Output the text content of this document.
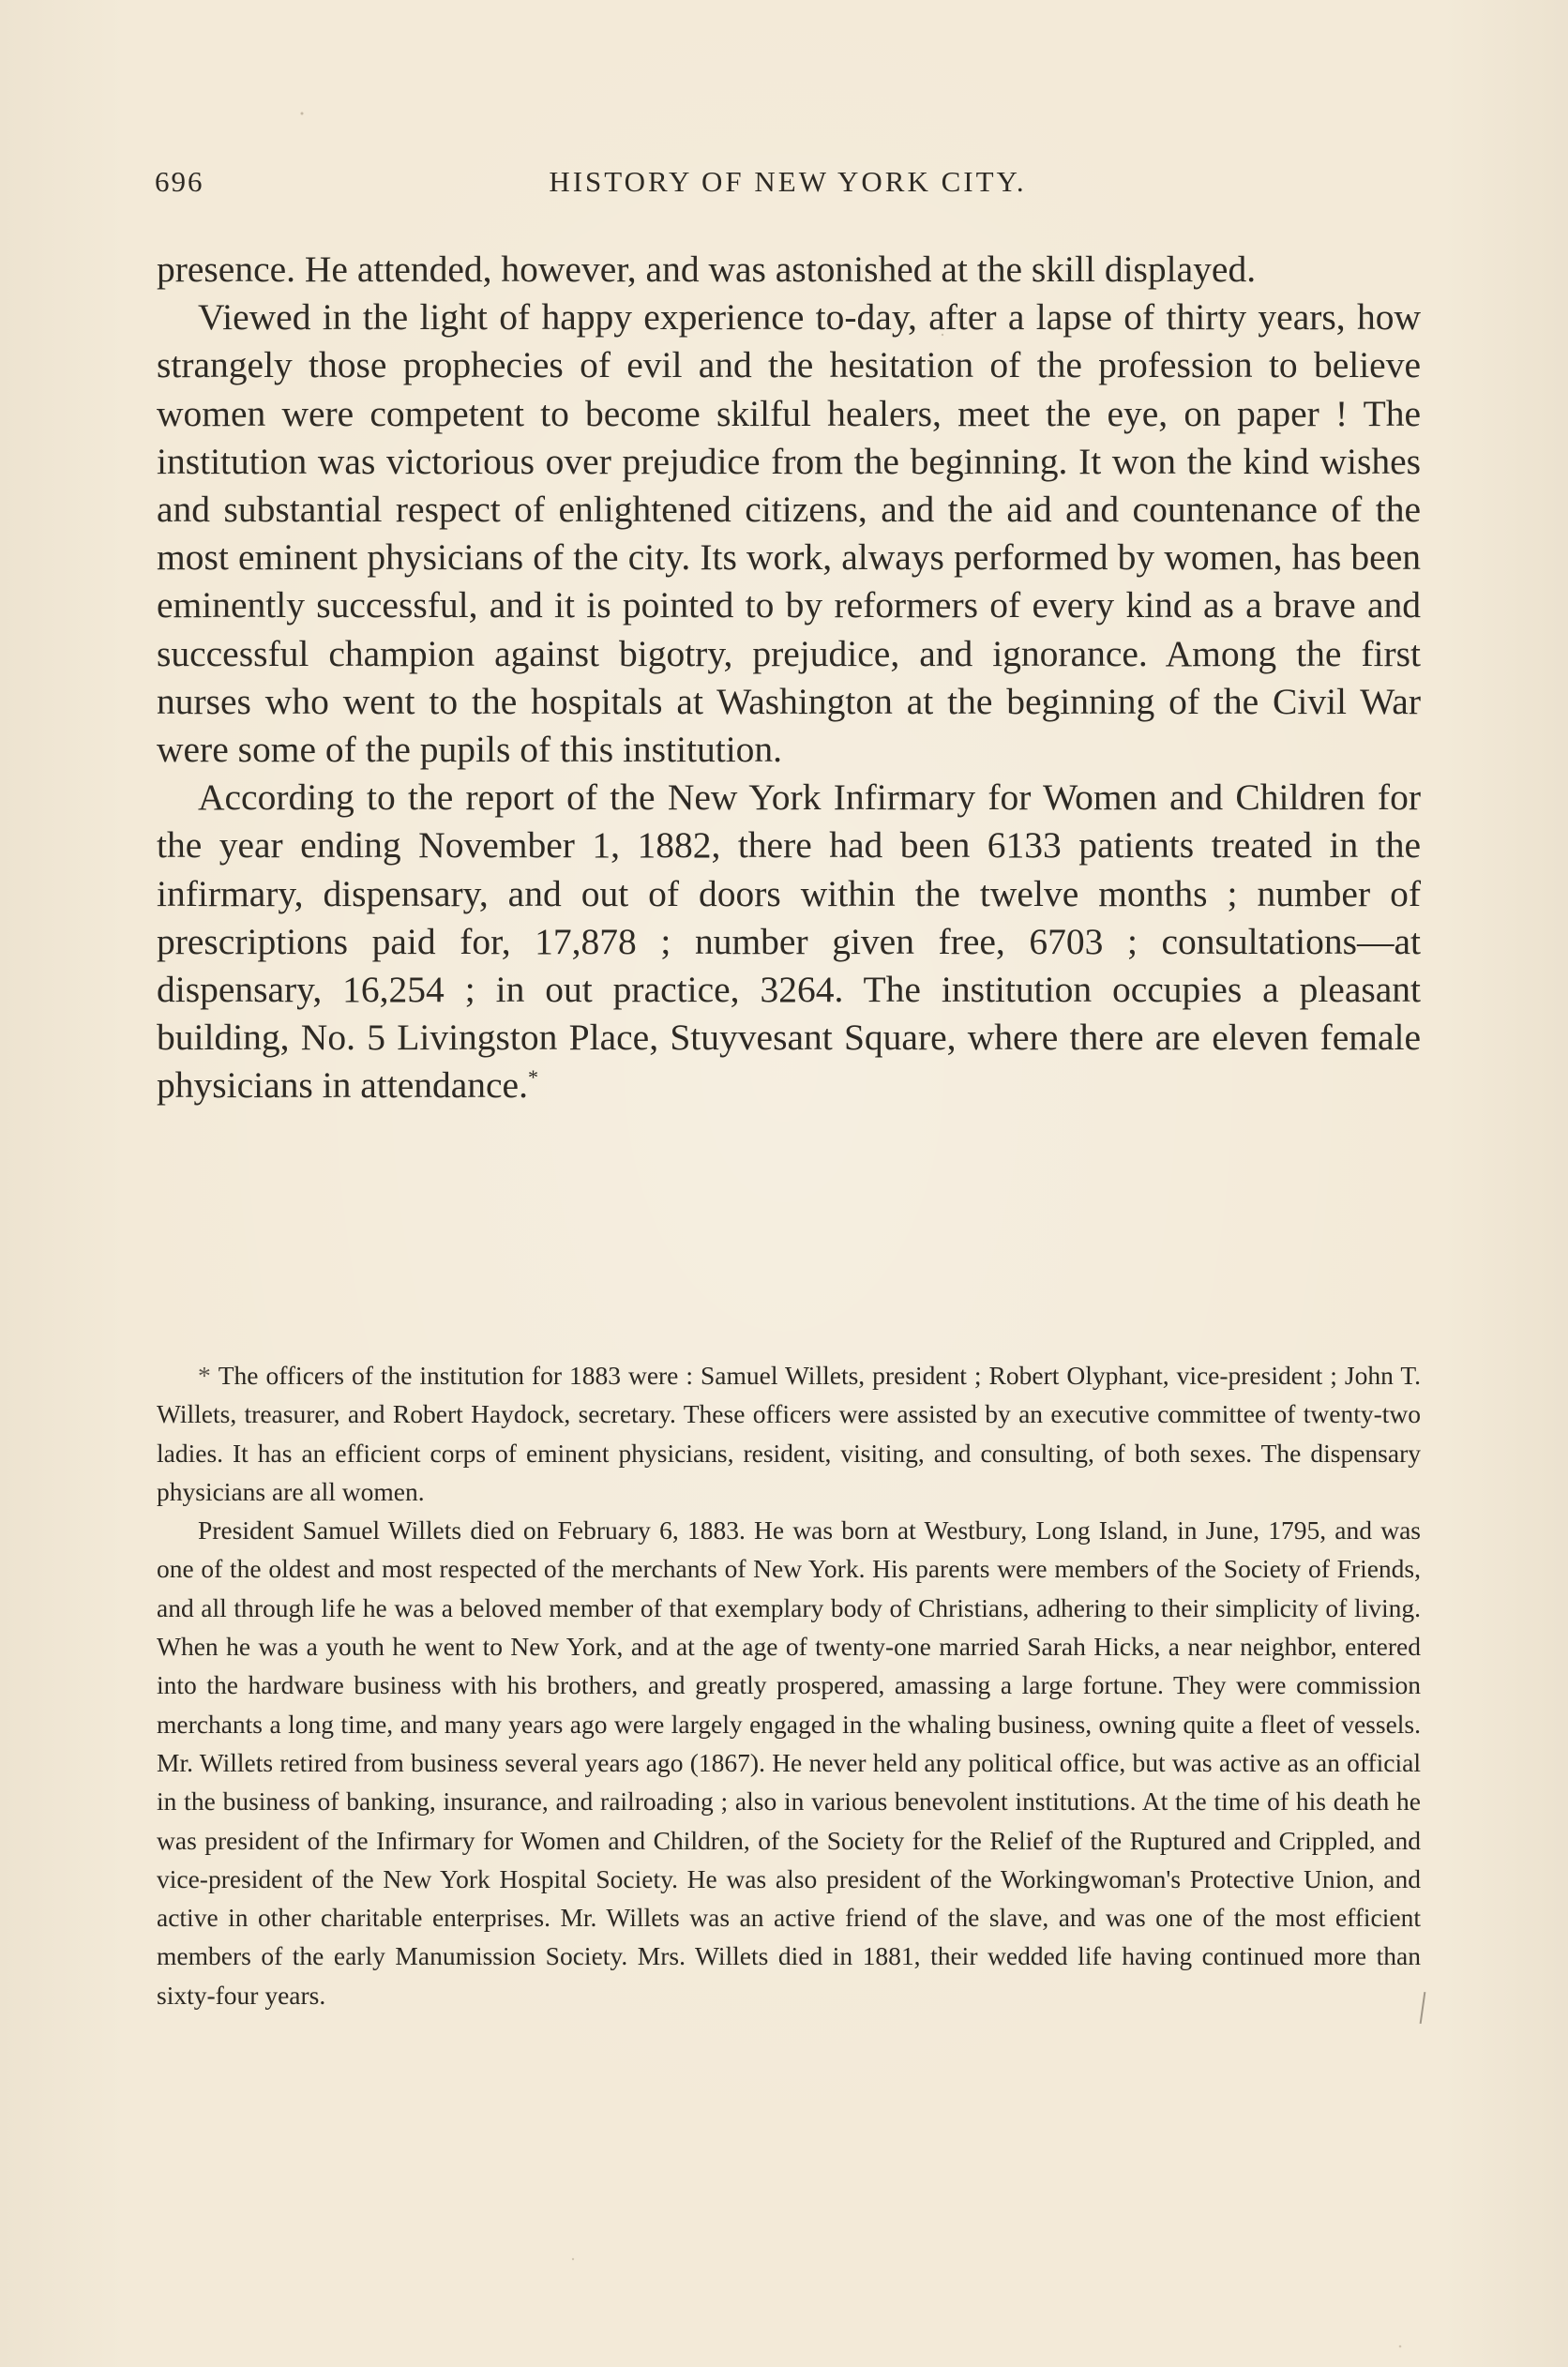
696	HISTORY OF NEW YORK CITY.

presence. He attended, however, and was astonished at the skill displayed.

Viewed in the light of happy experience to-day, after a lapse of thirty years, how strangely those prophecies of evil and the hesitation of the profession to believe women were competent to become skilful healers, meet the eye, on paper ! The institution was victorious over prejudice from the beginning. It won the kind wishes and substantial respect of enlightened citizens, and the aid and countenance of the most eminent physicians of the city. Its work, always performed by women, has been eminently successful, and it is pointed to by reformers of every kind as a brave and successful champion against bigotry, prejudice, and ignorance. Among the first nurses who went to the hospitals at Washington at the beginning of the Civil War were some of the pupils of this institution.

According to the report of the New York Infirmary for Women and Children for the year ending November 1, 1882, there had been 6133 patients treated in the infirmary, dispensary, and out of doors within the twelve months ; number of prescriptions paid for, 17,878 ; number given free, 6703 ; consultations—at dispensary, 16,254 ; in out practice, 3264. The institution occupies a pleasant building, No. 5 Livingston Place, Stuyvesant Square, where there are eleven female physicians in attendance.*

* The officers of the institution for 1883 were : Samuel Willets, president ; Robert Olyphant, vice-president ; John T. Willets, treasurer, and Robert Haydock, secretary. These officers were assisted by an executive committee of twenty-two ladies. It has an efficient corps of eminent physicians, resident, visiting, and consulting, of both sexes. The dispensary physicians are all women.

President Samuel Willets died on February 6, 1883. He was born at Westbury, Long Island, in June, 1795, and was one of the oldest and most respected of the merchants of New York. His parents were members of the Society of Friends, and all through life he was a beloved member of that exemplary body of Christians, adhering to their simplicity of living. When he was a youth he went to New York, and at the age of twenty-one married Sarah Hicks, a near neighbor, entered into the hardware business with his brothers, and greatly prospered, amassing a large fortune. They were commission merchants a long time, and many years ago were largely engaged in the whaling business, owning quite a fleet of vessels. Mr. Willets retired from business several years ago (1867). He never held any political office, but was active as an official in the business of banking, insurance, and railroading ; also in various benevolent institutions. At the time of his death he was president of the Infirmary for Women and Children, of the Society for the Relief of the Ruptured and Crippled, and vice-president of the New York Hospital Society. He was also president of the Workingwoman's Protective Union, and active in other charitable enterprises. Mr. Willets was an active friend of the slave, and was one of the most efficient members of the early Manumission Society. Mrs. Willets died in 1881, their wedded life having continued more than sixty-four years.
